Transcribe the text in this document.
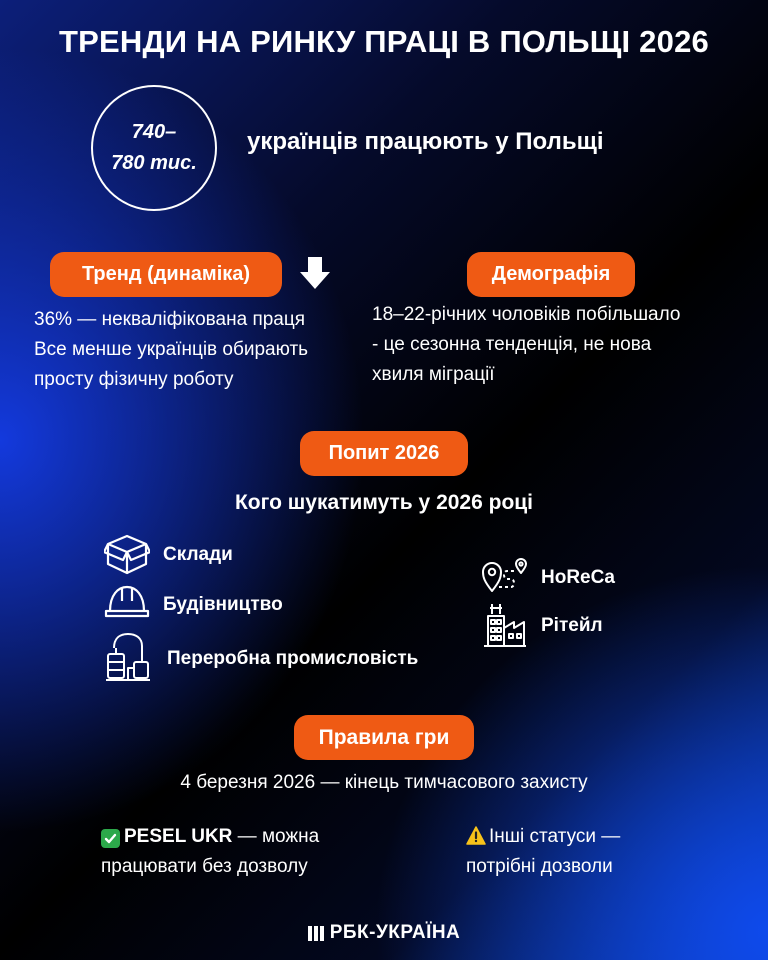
ТРЕНДИ НА РИНКУ ПРАЦІ В ПОЛЬЩІ 2026
740–
780 тис.
українців працюють у Польщі
Тренд (динаміка)
36% — некваліфікована праця
Все менше українців обирають
просту фізичну роботу
Демографія
18–22-річних чоловіків побільшало
- це сезонна тенденція, не нова
хвиля міграції
Попит 2026
Кого шукатимуть у 2026 році
Склади
Будівництво
Переробна промисловість
HoReCa
Рітейл
Правила гри
4 березня 2026 — кінець тимчасового захисту
PESEL UKR — можна
працювати без дозволу
Інші статуси —
потрібні дозволи
РБК-УКРАЇНА
